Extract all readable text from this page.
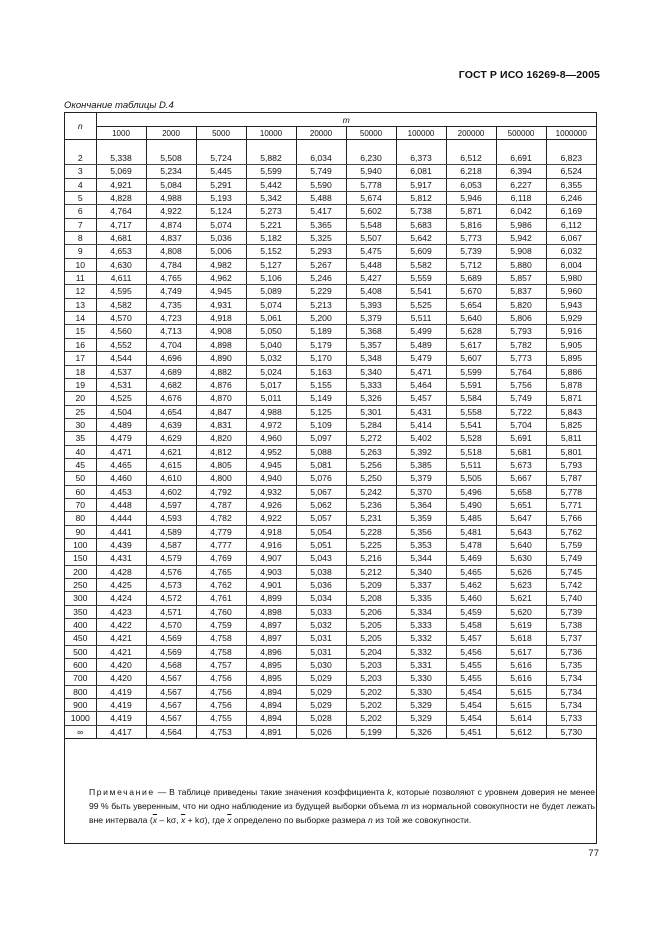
ГОСТ Р ИСО 16269-8—2005
Окончание таблицы D.4
n	m									
	1000	2000	5000	10000	20000	50000	100000	200000	500000	1000000

2	5,338	5,508	5,724	5,882	6,034	6,230	6,373	6,512	6,691	6,823
3	5,069	5,234	5,445	5,599	5,749	5,940	6,081	6,218	6,394	6,524
4	4,921	5,084	5,291	5,442	5,590	5,778	5,917	6,053	6,227	6,355
5	4,828	4,988	5,193	5,342	5,488	5,674	5,812	5,946	6,118	6,246
6	4,764	4,922	5,124	5,273	5,417	5,602	5,738	5,871	6,042	6,169
7	4,717	4,874	5,074	5,221	5,365	5,548	5,683	5,816	5,986	6,112
8	4,681	4,837	5,036	5,182	5,325	5,507	5,642	5,773	5,942	6,067
9	4,653	4,808	5,006	5,152	5,293	5,475	5,609	5,739	5,908	6,032
10	4,630	4,784	4,982	5,127	5,267	5,448	5,582	5,712	5,880	6,004
11	4,611	4,765	4,962	5,106	5,246	5,427	5,559	5,689	5,857	5,980
12	4,595	4,749	4,945	5,089	5,229	5,408	5,541	5,670	5,837	5,960
13	4,582	4,735	4,931	5,074	5,213	5,393	5,525	5,654	5,820	5,943
14	4,570	4,723	4,918	5,061	5,200	5,379	5,511	5,640	5,806	5,929
15	4,560	4,713	4,908	5,050	5,189	5,368	5,499	5,628	5,793	5,916
16	4,552	4,704	4,898	5,040	5,179	5,357	5,489	5,617	5,782	5,905
17	4,544	4,696	4,890	5,032	5,170	5,348	5,479	5,607	5,773	5,895
18	4,537	4,689	4,882	5,024	5,163	5,340	5,471	5,599	5,764	5,886
19	4,531	4,682	4,876	5,017	5,155	5,333	5,464	5,591	5,756	5,878
20	4,525	4,676	4,870	5,011	5,149	5,326	5,457	5,584	5,749	5,871
25	4,504	4,654	4,847	4,988	5,125	5,301	5,431	5,558	5,722	5,843
30	4,489	4,639	4,831	4,972	5,109	5,284	5,414	5,541	5,704	5,825
35	4,479	4,629	4,820	4,960	5,097	5,272	5,402	5,528	5,691	5,811
40	4,471	4,621	4,812	4,952	5,088	5,263	5,392	5,518	5,681	5,801
45	4,465	4,615	4,805	4,945	5,081	5,256	5,385	5,511	5,673	5,793
50	4,460	4,610	4,800	4,940	5,076	5,250	5,379	5,505	5,667	5,787
60	4,453	4,602	4,792	4,932	5,067	5,242	5,370	5,496	5,658	5,778
70	4,448	4,597	4,787	4,926	5,062	5,236	5,364	5,490	5,651	5,771
80	4,444	4,593	4,782	4,922	5,057	5,231	5,359	5,485	5,647	5,766
90	4,441	4,589	4,779	4,918	5,054	5,228	5,356	5,481	5,643	5,762
100	4,439	4,587	4,777	4,916	5,051	5,225	5,353	5,478	5,640	5,759
150	4,431	4,579	4,769	4,907	5,043	5,216	5,344	5,469	5,630	5,749
200	4,428	4,576	4,765	4,903	5,038	5,212	5,340	5,465	5,626	5,745
250	4,425	4,573	4,762	4,901	5,036	5,209	5,337	5,462	5,623	5,742
300	4,424	4,572	4,761	4,899	5,034	5,208	5,335	5,460	5,621	5,740
350	4,423	4,571	4,760	4,898	5,033	5,206	5,334	5,459	5,620	5,739
400	4,422	4,570	4,759	4,897	5,032	5,205	5,333	5,458	5,619	5,738
450	4,421	4,569	4,758	4,897	5,031	5,205	5,332	5,457	5,618	5,737
500	4,421	4,569	4,758	4,896	5,031	5,204	5,332	5,456	5,617	5,736
600	4,420	4,568	4,757	4,895	5,030	5,203	5,331	5,455	5,616	5,735
700	4,420	4,567	4,756	4,895	5,029	5,203	5,330	5,455	5,616	5,734
800	4,419	4,567	4,756	4,894	5,029	5,202	5,330	5,454	5,615	5,734
900	4,419	4,567	4,756	4,894	5,029	5,202	5,329	5,454	5,615	5,734
1000	4,419	4,567	4,755	4,894	5,028	5,202	5,329	5,454	5,614	5,733
∞	4,417	4,564	4,753	4,891	5,026	5,199	5,326	5,451	5,612	5,730
Примечание — В таблице приведены такие значения коэффициента k, которые позволяют с уровнем доверия не менее 99 % быть уверенным, что ни одно наблюдение из будущей выборки объема m из нормальной совокупности не будет лежать вне интервала ($\overline{x}$ – kσ, $\overline{x} + k\sigma$), где $\overline{x}$ определено по выборке размера n из той же совокупности.
77
